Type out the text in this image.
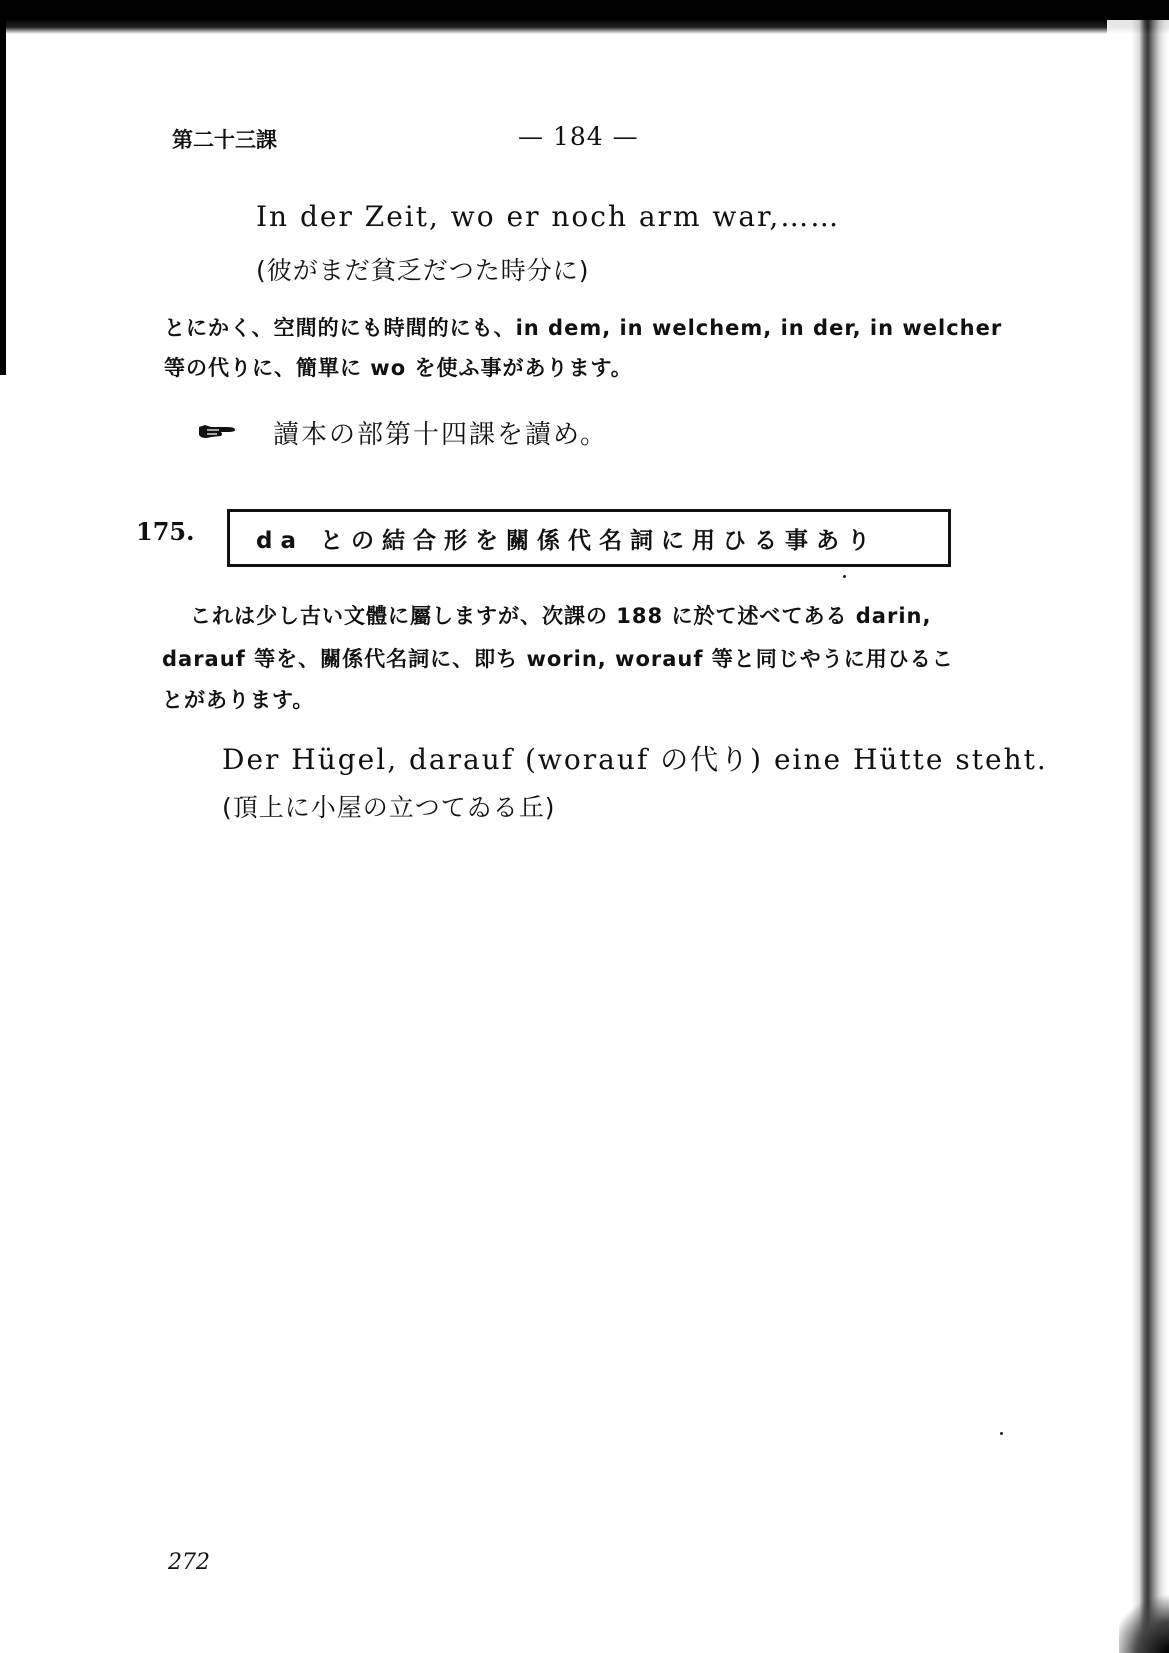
第二十三課	— 184 —
In der Zeit, wo er noch arm war,……
(彼がまだ貧乏だつた時分に)
とにかく、空間的にも時間的にも、in dem, in welchem, in der, in welcher
等の代りに、簡單に wo を使ふ事があります。
讀本の部第十四課を讀め。
175.	da との結合形を關係代名詞に用ひる事あり
これは少し古い文體に屬しますが、次課の 188 に於て述べてある darin,
darauf 等を、關係代名詞に、即ち worin, worauf 等と同じやうに用ひるこ
とがあります。
Der Hügel, darauf (worauf の代り) eine Hütte steht.
(頂上に小屋の立つてゐる丘)
272
